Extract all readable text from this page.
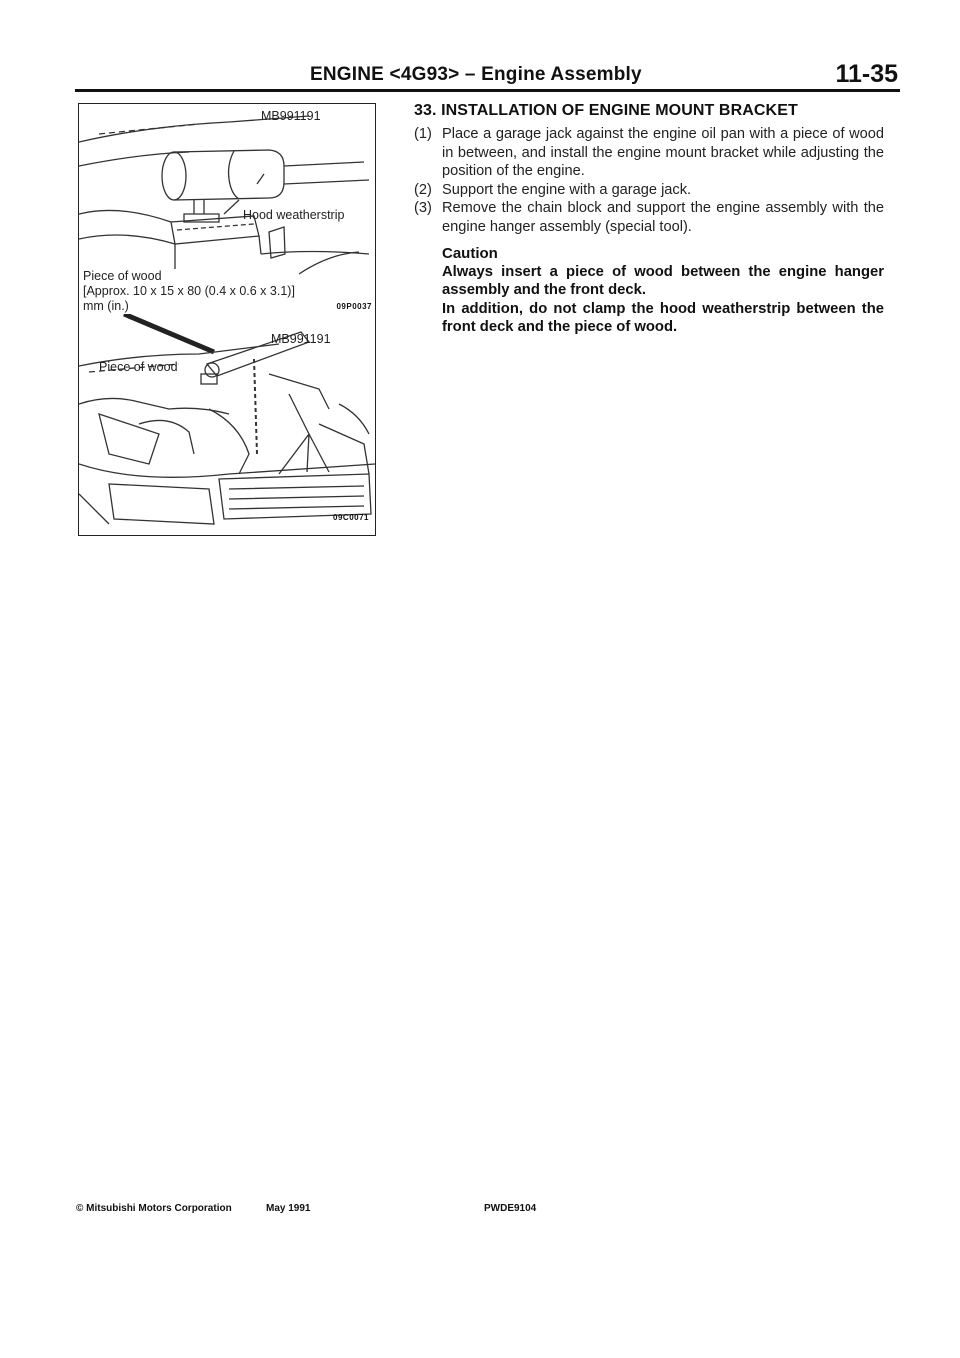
ENGINE <4G93> – Engine Assembly	11-35
MB991191
Hood weatherstrip
Piece of wood
[Approx. 10 x 15 x 80 (0.4 x 0.6 x 3.1)]
mm (in.)	09P0037
MB991191
Piece of wood
09C0071
33. INSTALLATION OF ENGINE MOUNT BRACKET
(1) Place a garage jack against the engine oil pan with a piece of wood in between, and install the engine mount bracket while adjusting the position of the engine.
(2) Support the engine with a garage jack.
(3) Remove the chain block and support the engine assembly with the engine hanger assembly (special tool).
Caution
Always insert a piece of wood between the engine hanger assembly and the front deck.
In addition, do not clamp the hood weatherstrip between the front deck and the piece of wood.
© Mitsubishi Motors Corporation	May 1991	PWDE9104
